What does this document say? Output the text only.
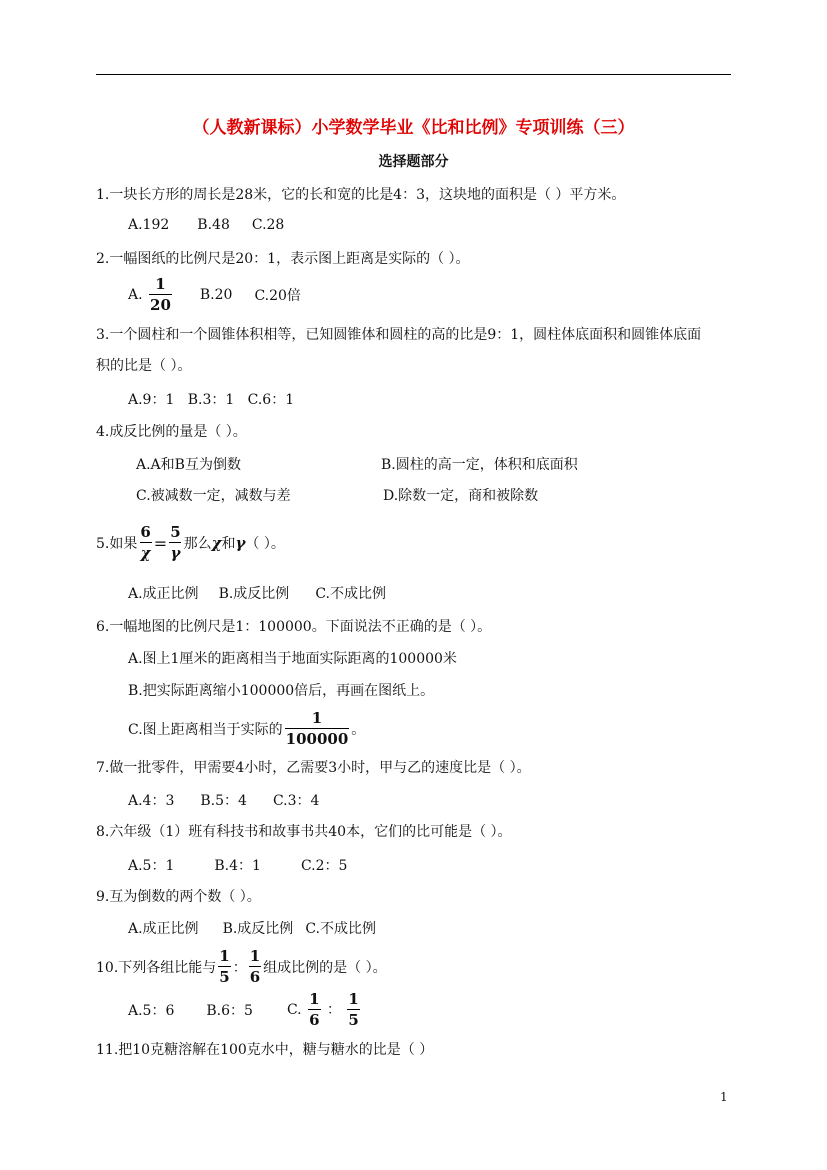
（人教新课标）小学数学毕业《比和比例》专项训练（三）
选择题部分
1.一块长方形的周长是28米，它的长和宽的比是4：3，这块地的面积是（ ）平方米。
A.192 B.48 C.28
2.一幅图纸的比例尺是20：1，表示图上距离是实际的（ ）。
A. $\frac{1}{20} B.20$ C.20倍
3.一个圆柱和一个圆锥体积相等，已知圆锥体和圆柱的高的比是9：1，圆柱体底面积和圆锥体底面
积的比是（ ）。
A.9：1   B.3：1   C.6：1
4.成反比例的量是（ ）。
A.A和B互为倒数	B.圆柱的高一定，体积和底面积
C.被减数一定，减数与差	D.除数一定，商和被除数
5.如果 $\frac{6}{\chi} = \frac{5}{\gamma}$ 那么 χ 和 γ （ ）。
A.成正比例 B.成反比例 C.不成比例
6.一幅地图的比例尺是1：100000。下面说法不正确的是（ ）。
A.图上1厘米的距离相当于地面实际距离的100000米
B.把实际距离缩小100000倍后，再画在图纸上。
C.图上距离相当于实际的 $\frac{1}{100000}$ 。
7.做一批零件，甲需要4小时，乙需要3小时，甲与乙的速度比是（ ）。
A.4：3 B.5：4 C.3：4
8.六年级（1）班有科技书和故事书共40本，它们的比可能是（ ）。
A.5：1	B.4：1	C.2：5
9.互为倒数的两个数（ ）。
A.成正比例 B.成反比例 C.不成比例
10.下列各组比能与 $\frac{1}{5}$ ： $\frac{1}{6}$ 组成比例的是（ ）。
A.5：6 B.6：5 C. $\frac{1}{6}$ ： $\frac{1}{5}$
11.把10克糖溶解在100克水中，糖与糖水的比是（ ）
1
